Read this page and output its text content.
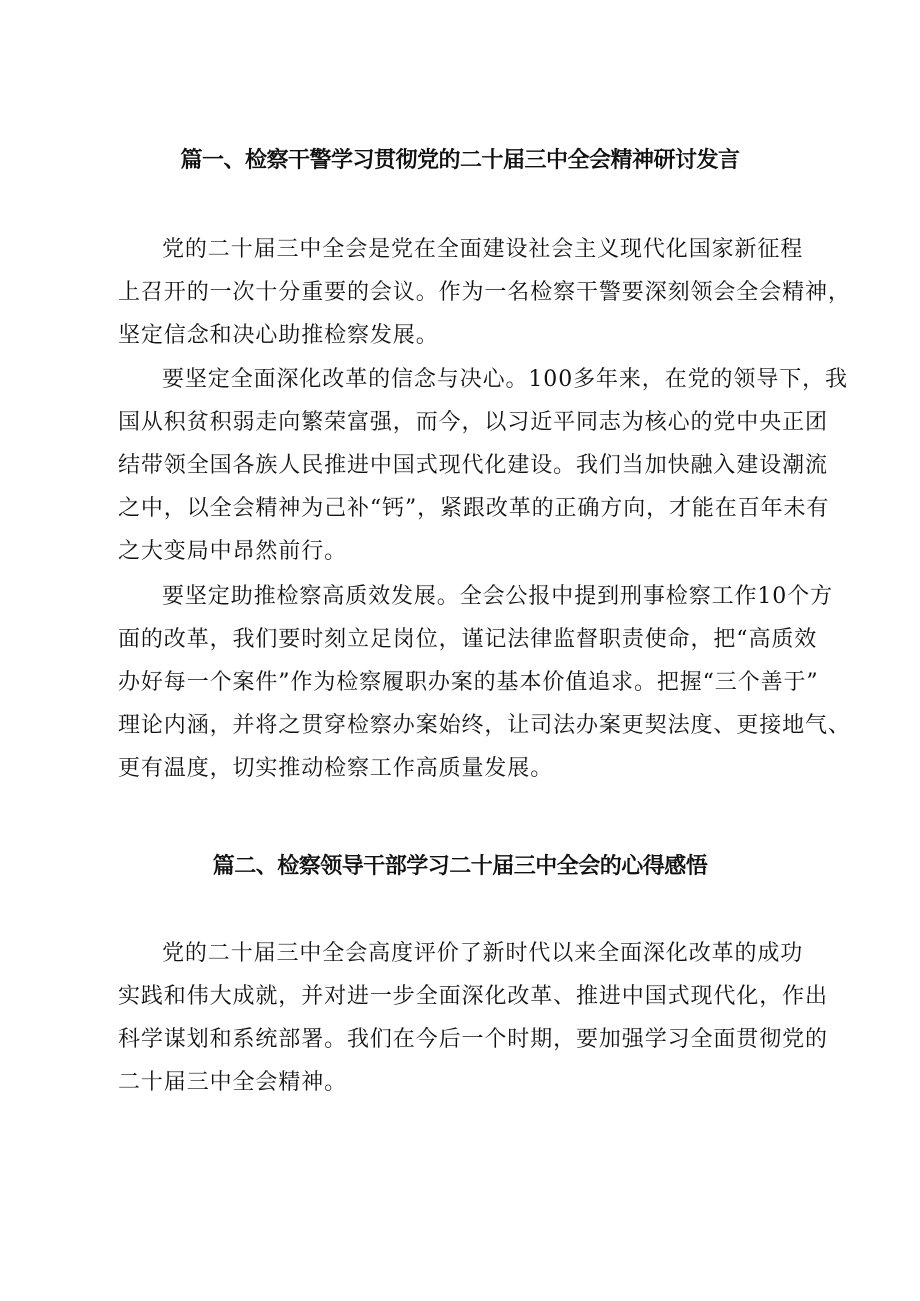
篇一、检察干警学习贯彻党的二十届三中全会精神研讨发言

党的二十届三中全会是党在全面建设社会主义现代化国家新征程
上召开的一次十分重要的会议。作为一名检察干警要深刻领会全会精神，
坚定信念和决心助推检察发展。

要坚定全面深化改革的信念与决心。100多年来，在党的领导下，我
国从积贫积弱走向繁荣富强，而今，以习近平同志为核心的党中央正团
结带领全国各族人民推进中国式现代化建设。我们当加快融入建设潮流
之中，以全会精神为己补“钙”，紧跟改革的正确方向，才能在百年未有
之大变局中昂然前行。

要坚定助推检察高质效发展。全会公报中提到刑事检察工作10个方
面的改革，我们要时刻立足岗位，谨记法律监督职责使命，把“高质效
办好每一个案件”作为检察履职办案的基本价值追求。把握“三个善于”
理论内涵，并将之贯穿检察办案始终，让司法办案更契法度、更接地气、
更有温度，切实推动检察工作高质量发展。

篇二、检察领导干部学习二十届三中全会的心得感悟

党的二十届三中全会高度评价了新时代以来全面深化改革的成功
实践和伟大成就，并对进一步全面深化改革、推进中国式现代化，作出
科学谋划和系统部署。我们在今后一个时期，要加强学习全面贯彻党的
二十届三中全会精神。
